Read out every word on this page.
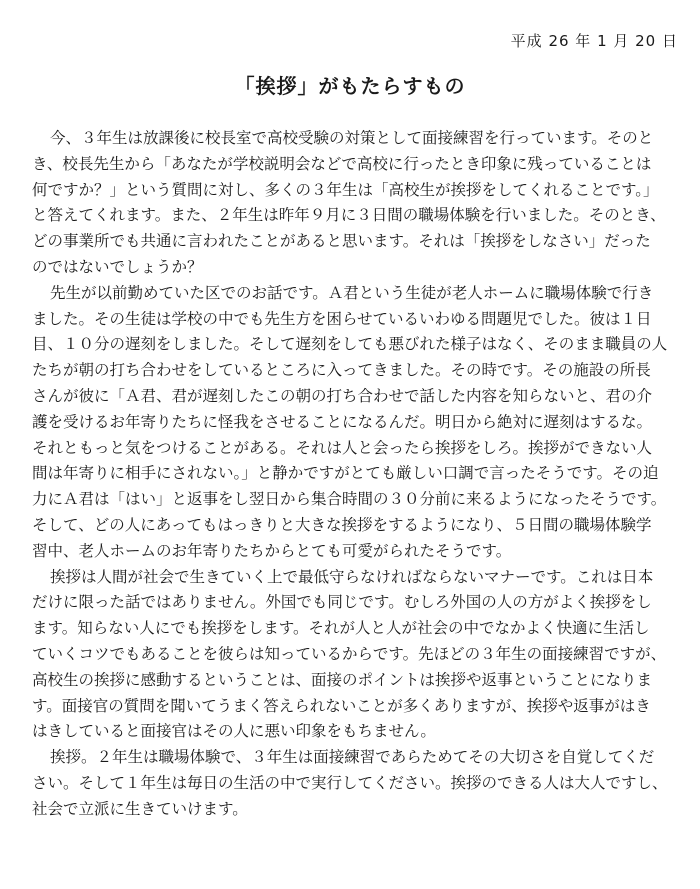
平成 26 年 1 月 20 日
「挨拶」がもたらすもの
今、３年生は放課後に校長室で高校受験の対策として面接練習を行っています。そのと
き、校長先生から「あなたが学校説明会などで高校に行ったとき印象に残っていることは
何ですか？」という質問に対し、多くの３年生は「高校生が挨拶をしてくれることです。」
と答えてくれます。また、２年生は昨年９月に３日間の職場体験を行いました。そのとき、
どの事業所でも共通に言われたことがあると思います。それは「挨拶をしなさい」だった
のではないでしょうか？
先生が以前勤めていた区でのお話です。Ａ君という生徒が老人ホームに職場体験で行き
ました。その生徒は学校の中でも先生方を困らせているいわゆる問題児でした。彼は１日
目、１０分の遅刻をしました。そして遅刻をしても悪びれた様子はなく、そのまま職員の人
たちが朝の打ち合わせをしているところに入ってきました。その時です。その施設の所長
さんが彼に「Ａ君、君が遅刻したこの朝の打ち合わせで話した内容を知らないと、君の介
護を受けるお年寄りたちに怪我をさせることになるんだ。明日から絶対に遅刻はするな。
それともっと気をつけることがある。それは人と会ったら挨拶をしろ。挨拶ができない人
間は年寄りに相手にされない。」と静かですがとても厳しい口調で言ったそうです。その迫
力にＡ君は「はい」と返事をし翌日から集合時間の３０分前に来るようになったそうです。
そして、どの人にあってもはっきりと大きな挨拶をするようになり、５日間の職場体験学
習中、老人ホームのお年寄りたちからとても可愛がられたそうです。
挨拶は人間が社会で生きていく上で最低守らなければならないマナーです。これは日本
だけに限った話ではありません。外国でも同じです。むしろ外国の人の方がよく挨拶をし
ます。知らない人にでも挨拶をします。それが人と人が社会の中でなかよく快適に生活し
ていくコツでもあることを彼らは知っているからです。先ほどの３年生の面接練習ですが、
高校生の挨拶に感動するということは、面接のポイントは挨拶や返事ということになりま
す。面接官の質問を聞いてうまく答えられないことが多くありますが、挨拶や返事がはき
はきしていると面接官はその人に悪い印象をもちません。
挨拶。２年生は職場体験で、３年生は面接練習であらためてその大切さを自覚してくだ
さい。そして１年生は毎日の生活の中で実行してください。挨拶のできる人は大人ですし、
社会で立派に生きていけます。
